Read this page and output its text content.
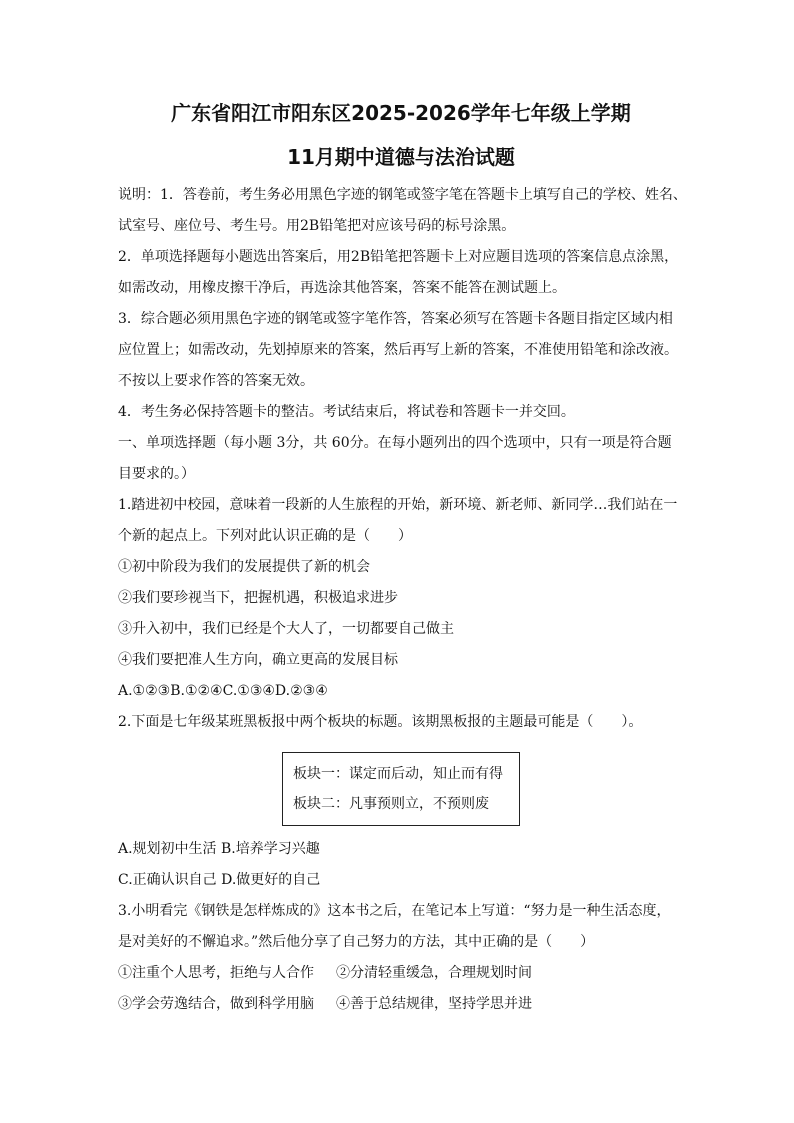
广东省阳江市阳东区2025-2026学年七年级上学期
11月期中道德与法治试题
说明：1．答卷前，考生务必用黑色字迹的钢笔或签字笔在答题卡上填写自己的学校、姓名、
试室号、座位号、考生号。用2B铅笔把对应该号码的标号涂黑。
2．单项选择题每小题选出答案后，用2B铅笔把答题卡上对应题目选项的答案信息点涂黑，
如需改动，用橡皮擦干净后，再选涂其他答案，答案不能答在测试题上。
3．综合题必须用黑色字迹的钢笔或签字笔作答，答案必须写在答题卡各题目指定区域内相
应位置上；如需改动，先划掉原来的答案，然后再写上新的答案，不准使用铅笔和涂改液。
不按以上要求作答的答案无效。
4．考生务必保持答题卡的整洁。考试结束后，将试卷和答题卡一并交回。
一、单项选择题（每小题 3分，共 60分。在每小题列出的四个选项中，只有一项是符合题
目要求的。）
1.踏进初中校园，意味着一段新的人生旅程的开始，新环境、新老师、新同学…我们站在一
个新的起点上。下列对此认识正确的是（　　）
①初中阶段为我们的发展提供了新的机会
②我们要珍视当下，把握机遇，积极追求进步
③升入初中，我们已经是个大人了，一切都要自己做主
④我们要把准人生方向，确立更高的发展目标
A.①②③B.①②④C.①③④D.②③④
2.下面是七年级某班黑板报中两个板块的标题。该期黑板报的主题最可能是（　　）。
板块一：谋定而后动，知止而有得
板块二：凡事预则立，不预则废
A.规划初中生活 B.培养学习兴趣
C.正确认识自己 D.做更好的自己
3.小明看完《钢铁是怎样炼成的》这本书之后，在笔记本上写道：“努力是一种生活态度，
是对美好的不懈追求。”然后他分享了自己努力的方法，其中正确的是（　　）
①注重个人思考，拒绝与人合作 ②分清轻重缓急，合理规划时间
③学会劳逸结合，做到科学用脑 ④善于总结规律，坚持学思并进
